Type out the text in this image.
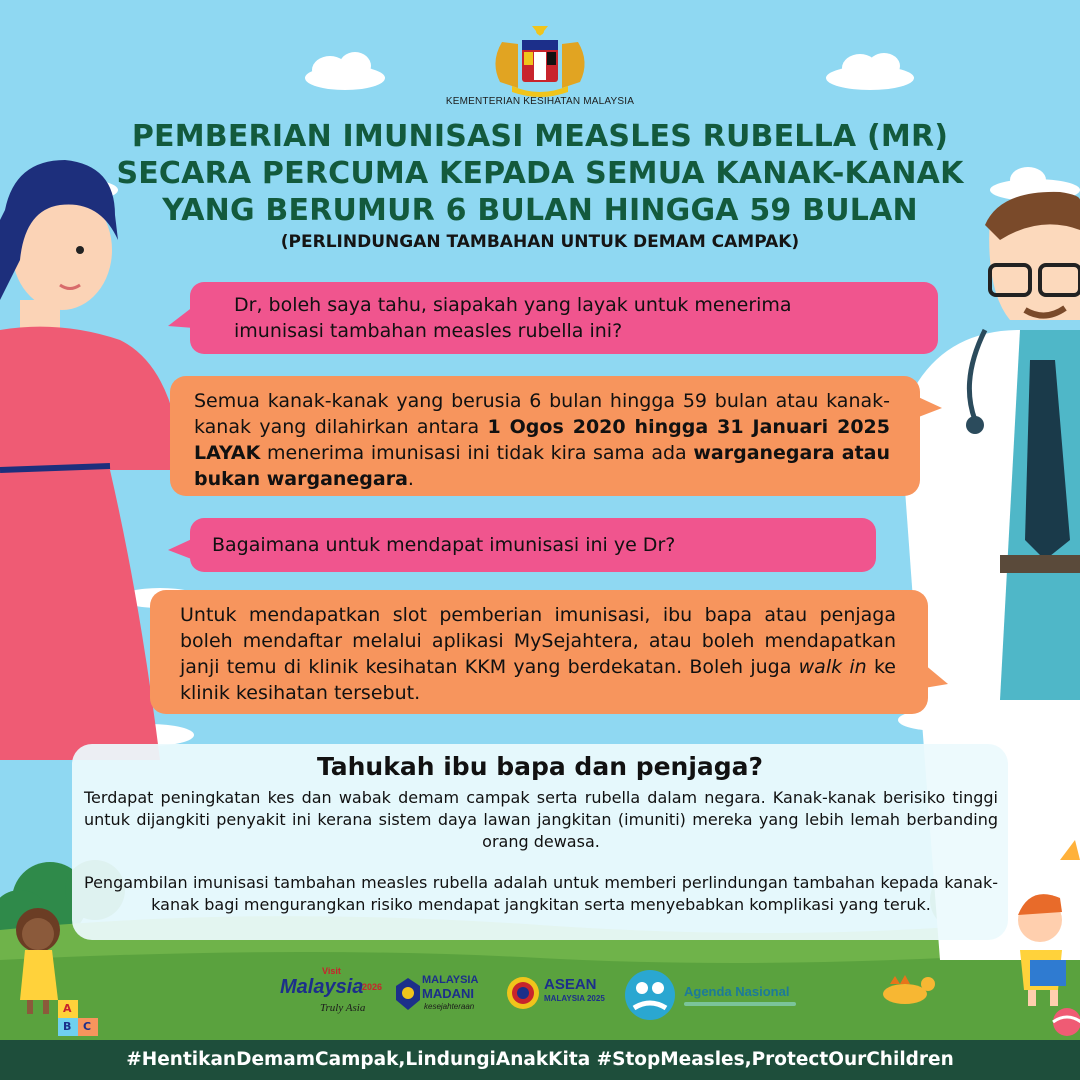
KEMENTERIAN KESIHATAN MALAYSIA
PEMBERIAN IMUNISASI MEASLES RUBELLA (MR)
SECARA PERCUMA KEPADA SEMUA KANAK-KANAK
YANG BERUMUR 6 BULAN HINGGA 59 BULAN
(PERLINDUNGAN TAMBAHAN UNTUK DEMAM CAMPAK)
Dr, boleh saya tahu, siapakah yang layak untuk menerima
imunisasi tambahan measles rubella ini?
Semua kanak-kanak yang berusia 6 bulan hingga 59 bulan atau kanak-kanak yang dilahirkan antara 1 Ogos 2020 hingga 31 Januari 2025 LAYAK menerima imunisasi ini tidak kira sama ada warganegara atau bukan warganegara.
Bagaimana untuk mendapat imunisasi ini ye Dr?
Untuk mendapatkan slot pemberian imunisasi, ibu bapa atau penjaga boleh mendaftar melalui aplikasi MySejahtera, atau boleh mendapatkan janji temu di klinik kesihatan KKM yang berdekatan. Boleh juga walk in ke klinik kesihatan tersebut.
Tahukah ibu bapa dan penjaga?
Terdapat peningkatan kes dan wabak demam campak serta rubella dalam negara. Kanak-kanak berisiko tinggi untuk dijangkiti penyakit ini kerana sistem daya lawan jangkitan (imuniti) mereka yang lebih lemah berbanding orang dewasa.
Pengambilan imunisasi tambahan measles rubella adalah untuk memberi perlindungan tambahan kepada kanak-kanak bagi mengurangkan risiko mendapat jangkitan serta menyebabkan komplikasi yang teruk.
Visit
Malaysia
2026
Truly Asia
MALAYSIA
MADANI
kesejahteraan
ASEAN
MALAYSIA 2025	Agenda Nasional
A
B C
#HentikanDemamCampak,LindungiAnakKita #StopMeasles,ProtectOurChildren
